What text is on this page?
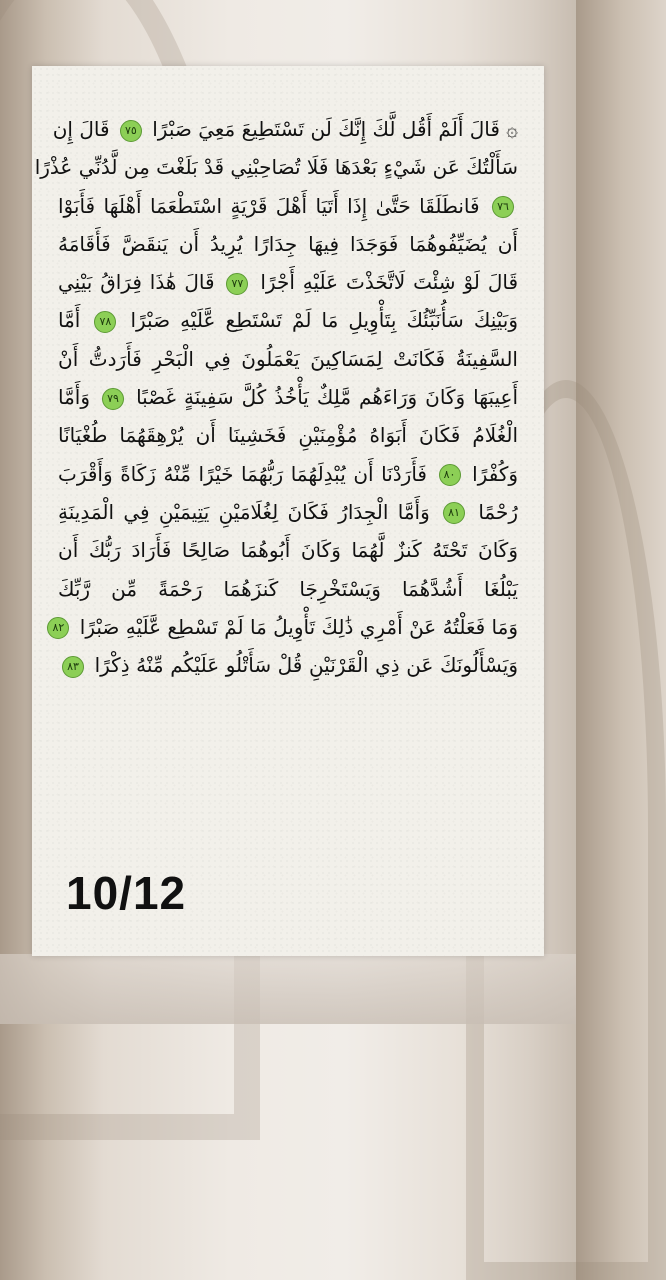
۞ قَالَ أَلَمْ أَقُل لَّكَ إِنَّكَ لَن تَسْتَطِيعَ مَعِيَ صَبْرًا ٧٥ قَالَ إِن
سَأَلْتُكَ عَن شَيْءٍ بَعْدَهَا فَلَا تُصَاحِبْنِي قَدْ بَلَغْتَ مِن لَّدُنِّي عُذْرًا
٧٦ فَانطَلَقَا حَتَّىٰ إِذَا أَتَيَا أَهْلَ قَرْيَةٍ اسْتَطْعَمَا أَهْلَهَا فَأَبَوْا
أَن يُضَيِّفُوهُمَا فَوَجَدَا فِيهَا جِدَارًا يُرِيدُ أَن يَنقَضَّ فَأَقَامَهُ
قَالَ لَوْ شِئْتَ لَاتَّخَذْتَ عَلَيْهِ أَجْرًا ٧٧ قَالَ هَٰذَا فِرَاقُ بَيْنِي
وَبَيْنِكَ سَأُنَبِّئُكَ بِتَأْوِيلِ مَا لَمْ تَسْتَطِع عَّلَيْهِ صَبْرًا ٧٨ أَمَّا
السَّفِينَةُ فَكَانَتْ لِمَسَاكِينَ يَعْمَلُونَ فِي الْبَحْرِ فَأَرَدتُّ أَنْ
أَعِيبَهَا وَكَانَ وَرَاءَهُم مَّلِكٌ يَأْخُذُ كُلَّ سَفِينَةٍ غَصْبًا ٧٩ وَأَمَّا
الْغُلَامُ فَكَانَ أَبَوَاهُ مُؤْمِنَيْنِ فَخَشِينَا أَن يُرْهِقَهُمَا طُغْيَانًا
وَكُفْرًا ٨٠ فَأَرَدْنَا أَن يُبْدِلَهُمَا رَبُّهُمَا خَيْرًا مِّنْهُ زَكَاةً وَأَقْرَبَ
رُحْمًا ٨١ وَأَمَّا الْجِدَارُ فَكَانَ لِغُلَامَيْنِ يَتِيمَيْنِ فِي الْمَدِينَةِ
وَكَانَ تَحْتَهُ كَنزٌ لَّهُمَا وَكَانَ أَبُوهُمَا صَالِحًا فَأَرَادَ رَبُّكَ أَن
يَبْلُغَا أَشُدَّهُمَا وَيَسْتَخْرِجَا كَنزَهُمَا رَحْمَةً مِّن رَّبِّكَ
وَمَا فَعَلْتُهُ عَنْ أَمْرِي ذَٰلِكَ تَأْوِيلُ مَا لَمْ تَسْطِع عَّلَيْهِ صَبْرًا ٨٢
وَيَسْأَلُونَكَ عَن ذِي الْقَرْنَيْنِ قُلْ سَأَتْلُو عَلَيْكُم مِّنْهُ ذِكْرًا ٨٣
10/12
